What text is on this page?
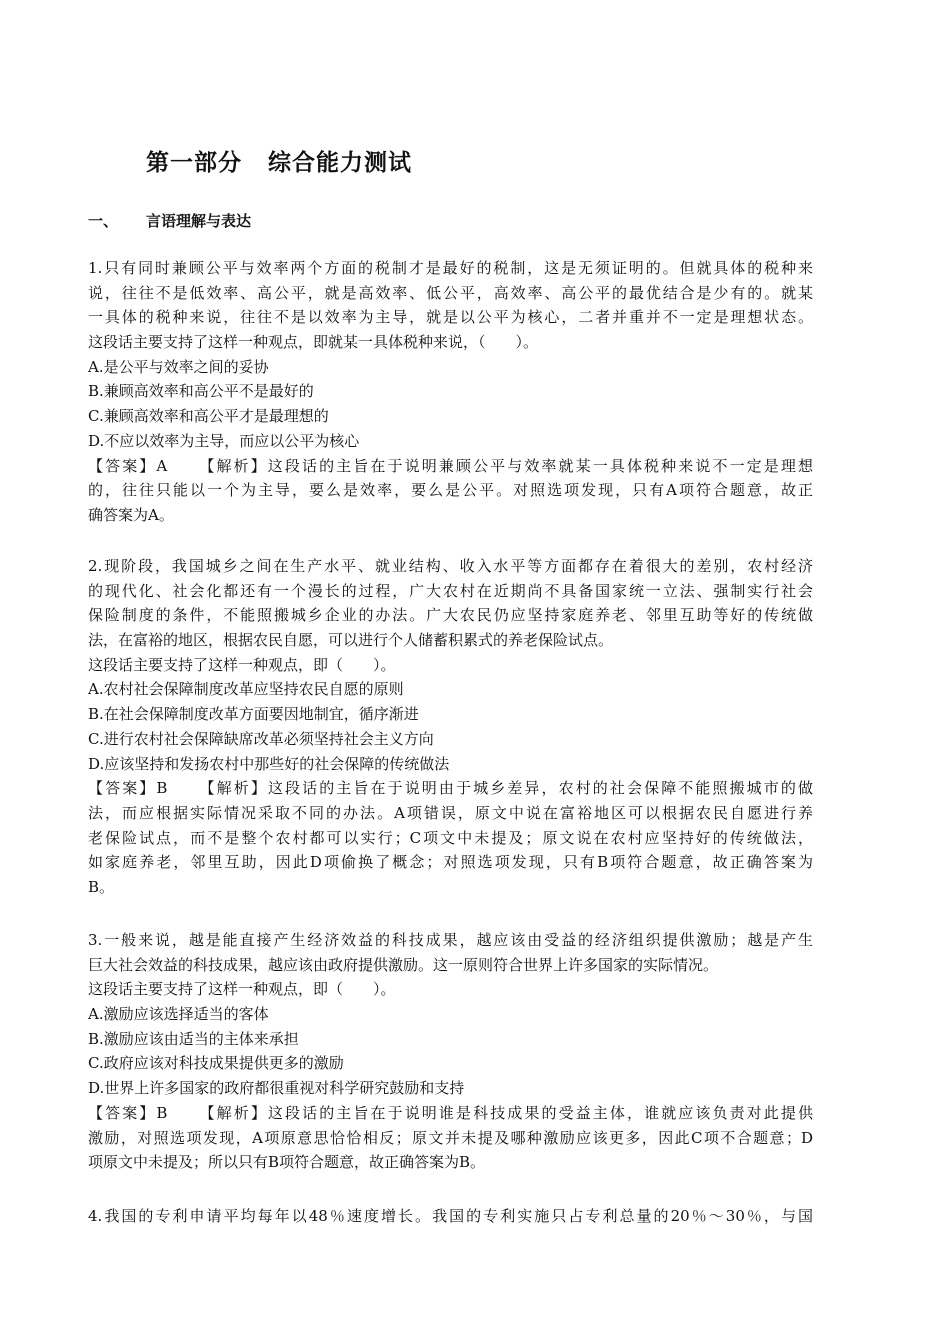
第一部分 综合能力测试
一、 言语理解与表达
1.只有同时兼顾公平与效率两个方面的税制才是最好的税制，这是无须证明的。但就具体的税种来
说，往往不是低效率、高公平，就是高效率、低公平，高效率、高公平的最优结合是少有的。就某
一具体的税种来说，往往不是以效率为主导，就是以公平为核心，二者并重并不一定是理想状态。
这段话主要支持了这样一种观点，即就某一具体税种来说，（　　）。
A.是公平与效率之间的妥协
B.兼顾高效率和高公平不是最好的
C.兼顾高效率和高公平才是最理想的
D.不应以效率为主导，而应以公平为核心
【答案】A 【解析】这段话的主旨在于说明兼顾公平与效率就某一具体税种来说不一定是理想
的，往往只能以一个为主导，要么是效率，要么是公平。对照选项发现，只有A项符合题意，故正
确答案为A。
2.现阶段，我国城乡之间在生产水平、就业结构、收入水平等方面都存在着很大的差别，农村经济
的现代化、社会化都还有一个漫长的过程，广大农村在近期尚不具备国家统一立法、强制实行社会
保险制度的条件，不能照搬城乡企业的办法。广大农民仍应坚持家庭养老、邻里互助等好的传统做
法，在富裕的地区，根据农民自愿，可以进行个人储蓄积累式的养老保险试点。
这段话主要支持了这样一种观点，即（　　）。
A.农村社会保障制度改革应坚持农民自愿的原则
B.在社会保障制度改革方面要因地制宜，循序渐进
C.进行农村社会保障缺席改革必须坚持社会主义方向
D.应该坚持和发扬农村中那些好的社会保障的传统做法
【答案】B 【解析】这段话的主旨在于说明由于城乡差异，农村的社会保障不能照搬城市的做
法，而应根据实际情况采取不同的办法。A项错误，原文中说在富裕地区可以根据农民自愿进行养
老保险试点，而不是整个农村都可以实行；C项文中未提及；原文说在农村应坚持好的传统做法，
如家庭养老，邻里互助，因此D项偷换了概念；对照选项发现，只有B项符合题意，故正确答案为
B。
3.一般来说，越是能直接产生经济效益的科技成果，越应该由受益的经济组织提供激励；越是产生
巨大社会效益的科技成果，越应该由政府提供激励。这一原则符合世界上许多国家的实际情况。
这段话主要支持了这样一种观点，即（　　）。
A.激励应该选择适当的客体
B.激励应该由适当的主体来承担
C.政府应该对科技成果提供更多的激励
D.世界上许多国家的政府都很重视对科学研究鼓励和支持
【答案】B 【解析】这段话的主旨在于说明谁是科技成果的受益主体，谁就应该负责对此提供
激励，对照选项发现，A项原意思恰恰相反；原文并未提及哪种激励应该更多，因此C项不合题意；D
项原文中未提及；所以只有B项符合题意，故正确答案为B。
4.我国的专利申请平均每年以48％速度增长。我国的专利实施只占专利总量的20％～30％，与国
